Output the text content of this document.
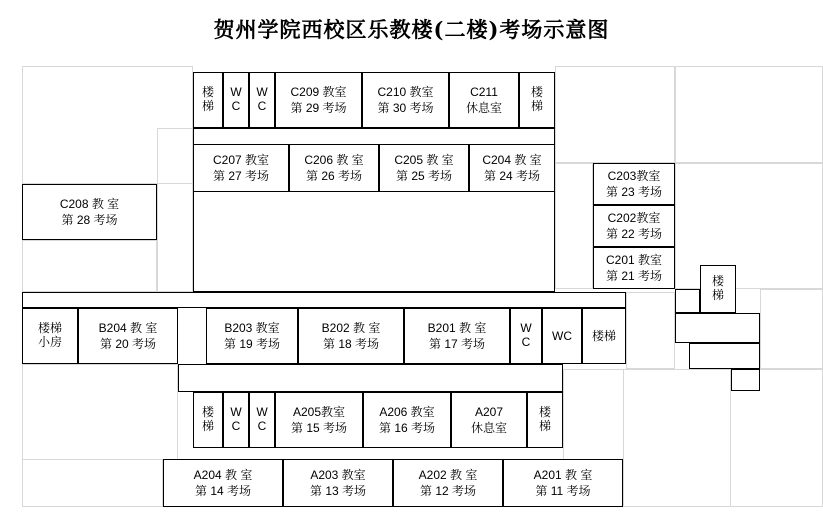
贺州学院西校区乐教楼(二楼)考场示意图
楼
梯
W
C
W
C
C209 教室
第 29 考场
C210 教室
第 30 考场
C211
休息室
楼
梯
C207 教室
第 27 考场
C206 教 室
第 26 考场
C205 教 室
第 25 考场
C204 教 室
第 24 考场	C203教室
第 23 考场
C202教室
第 22 考场
C201 教室
第 21 考场	楼
梯
C208 教 室
第 28 考场
楼梯
小房
B204 教 室
第 20 考场
B203 教室
第 19 考场
B202 教 室
第 18 考场
B201 教 室
第 17 考场
W
C WC 楼梯
楼
梯
W
C
W
C
A205教室
第 15 考场
A206 教室
第 16 考场
A207
休息室
楼
梯
A204 教 室
第 14 考场
A203 教室
第 13 考场
A202 教 室
第 12 考场
A201 教 室
第 11 考场
